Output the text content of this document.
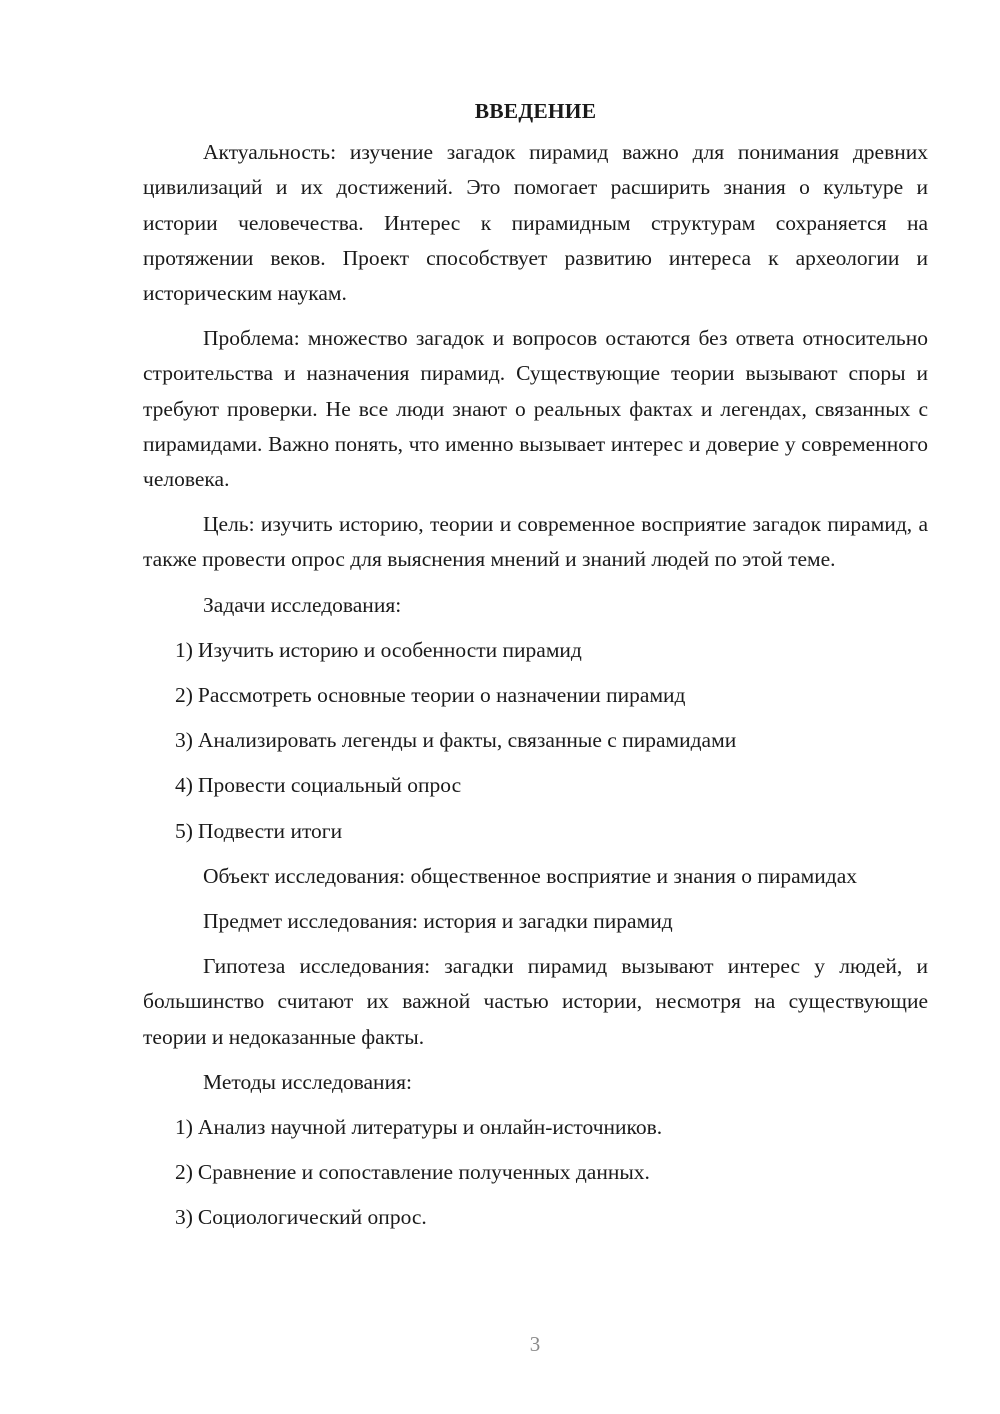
ВВЕДЕНИЕ

Актуальность: изучение загадок пирамид важно для понимания древних цивилизаций и их достижений. Это помогает расширить знания о культуре и истории человечества. Интерес к пирамидным структурам сохраняется на протяжении веков. Проект способствует развитию интереса к археологии и историческим наукам.

Проблема: множество загадок и вопросов остаются без ответа относительно строительства и назначения пирамид. Существующие теории вызывают споры и требуют проверки. Не все люди знают о реальных фактах и легендах, связанных с пирамидами. Важно понять, что именно вызывает интерес и доверие у современного человека.

Цель: изучить историю, теории и современное восприятие загадок пирамид, а также провести опрос для выяснения мнений и знаний людей по этой теме.

Задачи исследования:

1) Изучить историю и особенности пирамид

2) Рассмотреть основные теории о назначении пирамид

3) Анализировать легенды и факты, связанные с пирамидами

4) Провести социальный опрос

5) Подвести итоги

Объект исследования: общественное восприятие и знания о пирамидах

Предмет исследования: история и загадки пирамид

Гипотеза исследования: загадки пирамид вызывают интерес у людей, и большинство считают их важной частью истории, несмотря на существующие теории и недоказанные факты.

Методы исследования:

1) Анализ научной литературы и онлайн-источников.

2) Сравнение и сопоставление полученных данных.

3) Социологический опрос.

3
